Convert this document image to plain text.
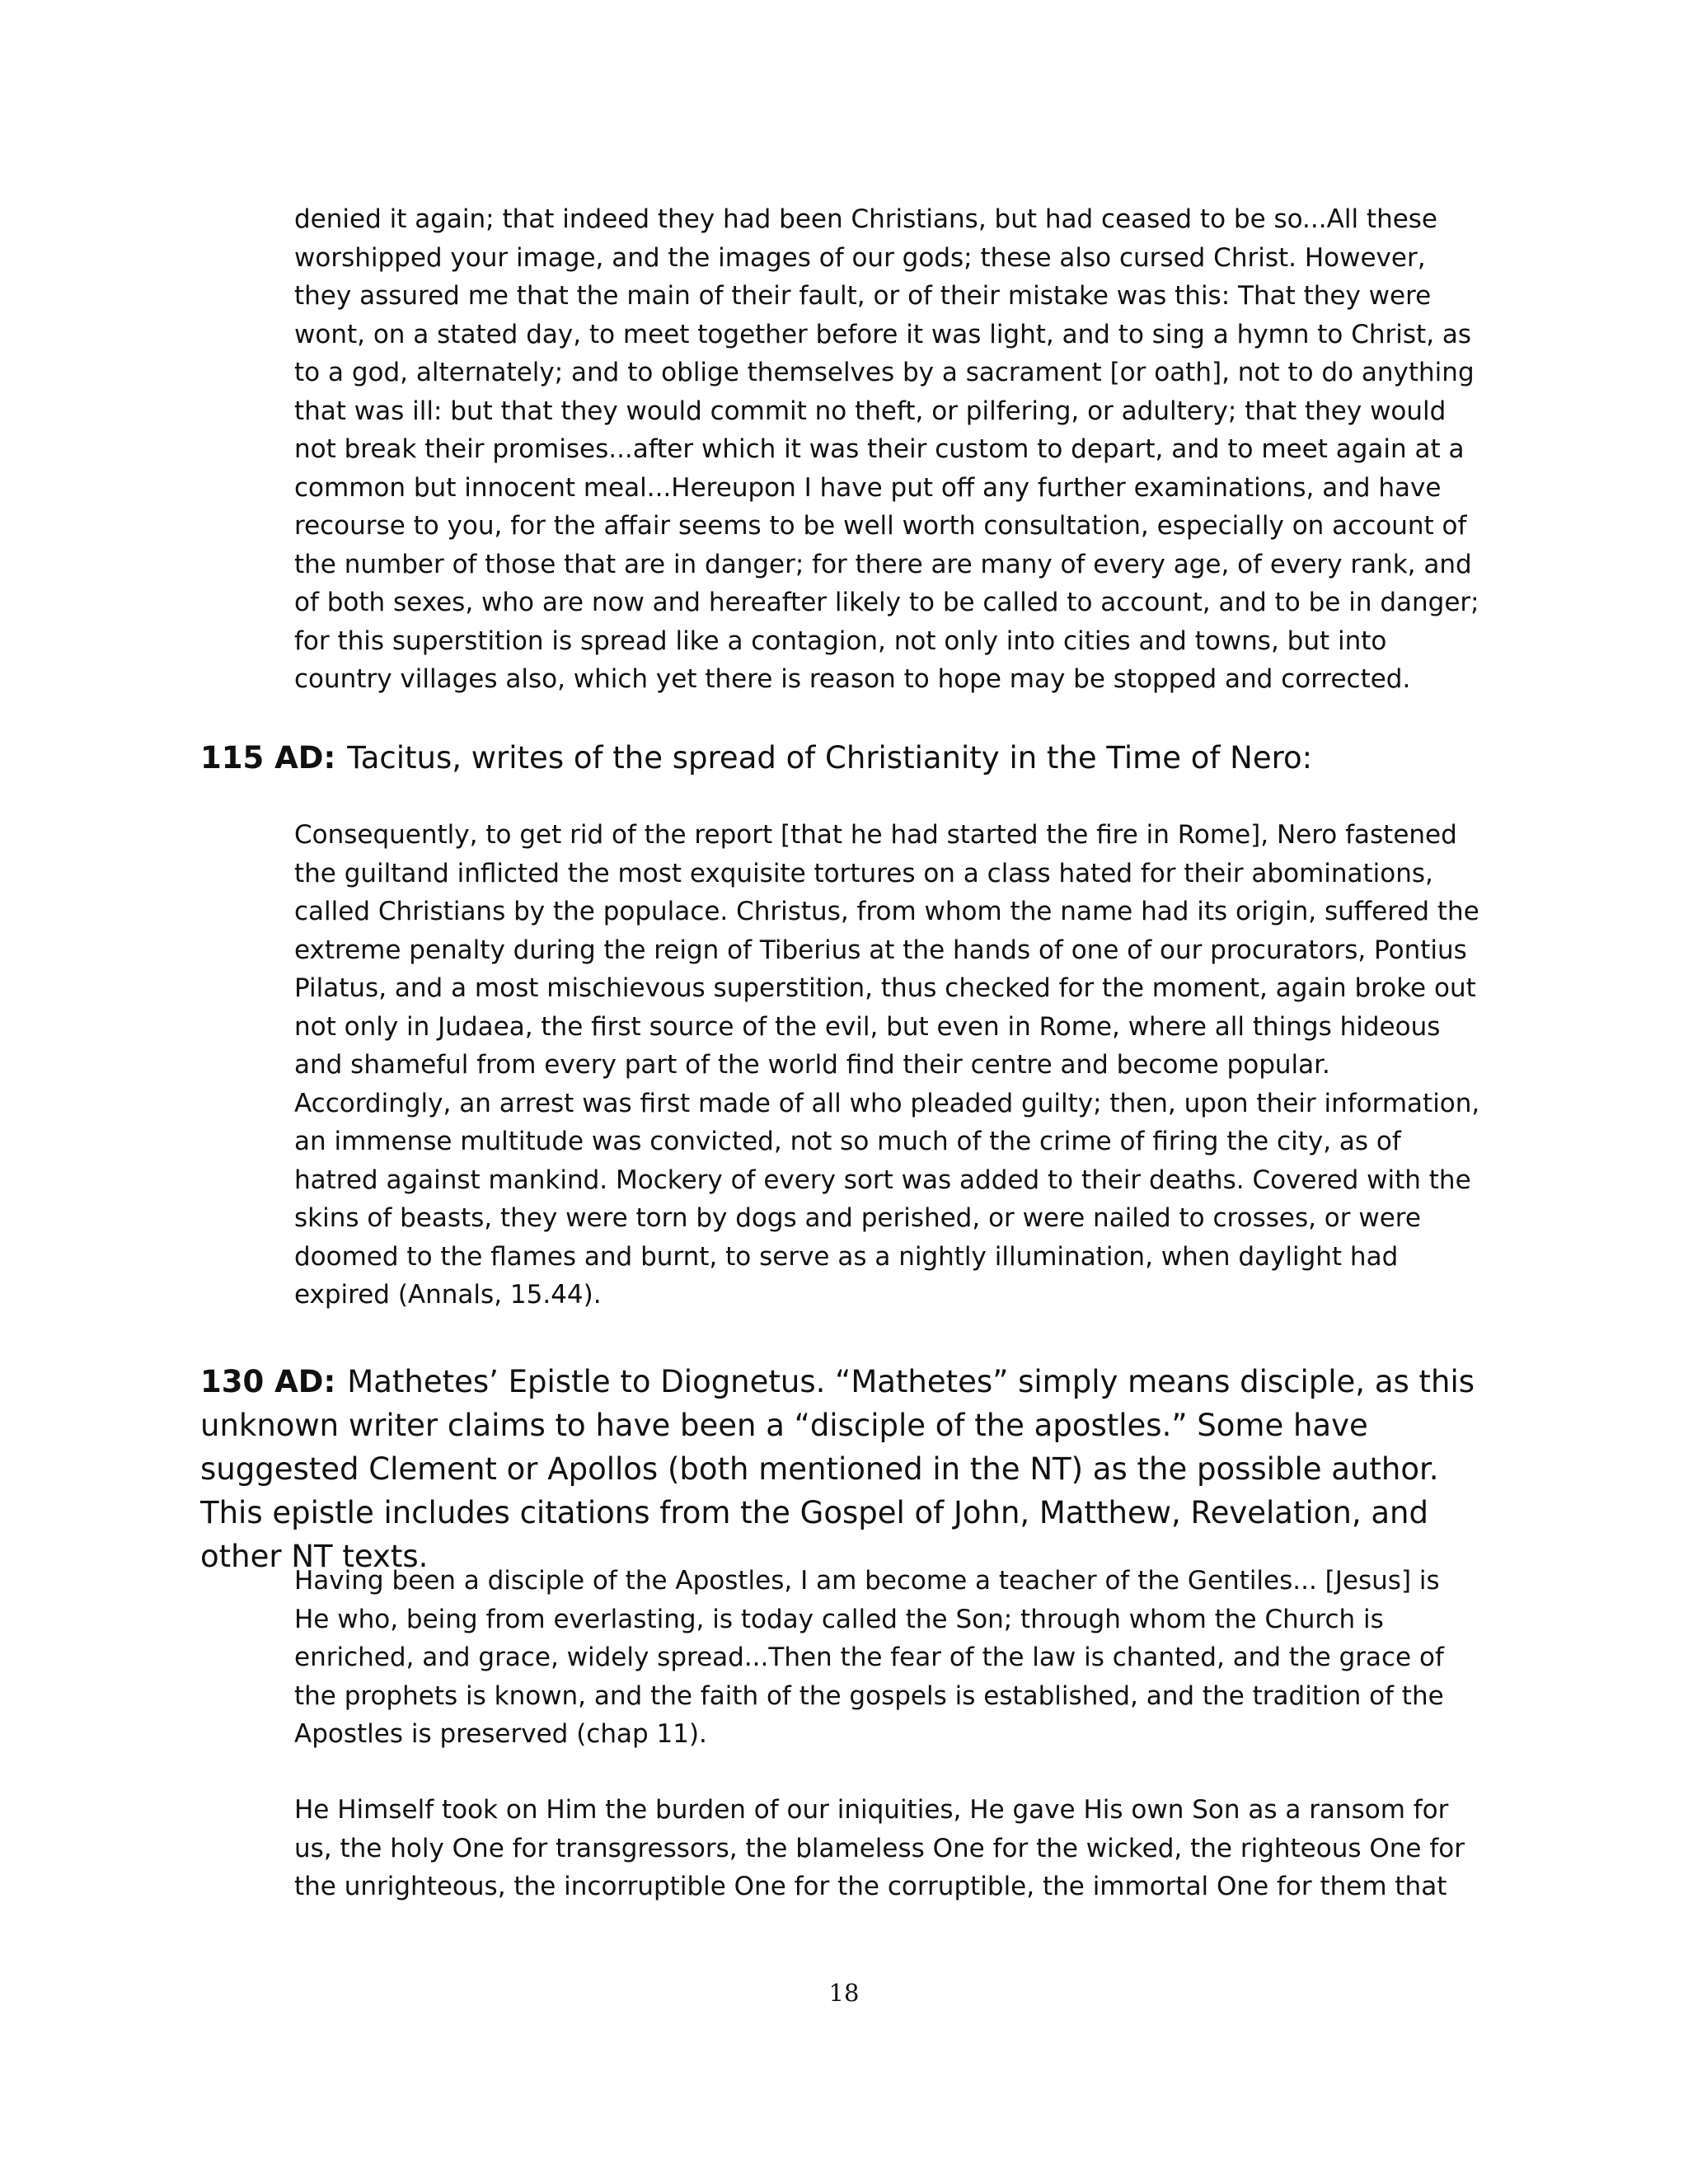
denied it again; that indeed they had been Christians, but had ceased to be so...All these worshipped your image, and the images of our gods; these also cursed Christ. However, they assured me that the main of their fault, or of their mistake was this: That they were wont, on a stated day, to meet together before it was light, and to sing a hymn to Christ, as to a god, alternately; and to oblige themselves by a sacrament [or oath], not to do anything that was ill: but that they would commit no theft, or pilfering, or adultery; that they would not break their promises...after which it was their custom to depart, and to meet again at a common but innocent meal...Hereupon I have put off any further examinations, and have recourse to you, for the affair seems to be well worth consultation, especially on account of the number of those that are in danger; for there are many of every age, of every rank, and of both sexes, who are now and hereafter likely to be called to account, and to be in danger; for this superstition is spread like a contagion, not only into cities and towns, but into country villages also, which yet there is reason to hope may be stopped and corrected.

115 AD: Tacitus, writes of the spread of Christianity in the Time of Nero:

Consequently, to get rid of the report [that he had started the fire in Rome], Nero fastened the guiltand inflicted the most exquisite tortures on a class hated for their abominations, called Christians by the populace. Christus, from whom the name had its origin, suffered the extreme penalty during the reign of Tiberius at the hands of one of our procurators, Pontius Pilatus, and a most mischievous superstition, thus checked for the moment, again broke out not only in Judaea, the first source of the evil, but even in Rome, where all things hideous and shameful from every part of the world find their centre and become popular. Accordingly, an arrest was first made of all who pleaded guilty; then, upon their information, an immense multitude was convicted, not so much of the crime of firing the city, as of hatred against mankind. Mockery of every sort was added to their deaths. Covered with the skins of beasts, they were torn by dogs and perished, or were nailed to crosses, or were doomed to the flames and burnt, to serve as a nightly illumination, when daylight had expired (Annals, 15.44).

130 AD: Mathetes’ Epistle to Diognetus. “Mathetes” simply means disciple, as this unknown writer claims to have been a “disciple of the apostles.” Some have suggested Clement or Apollos (both mentioned in the NT) as the possible author. This epistle includes citations from the Gospel of John, Matthew, Revelation, and other NT texts.

Having been a disciple of the Apostles, I am become a teacher of the Gentiles... [Jesus] is He who, being from everlasting, is today called the Son; through whom the Church is enriched, and grace, widely spread...Then the fear of the law is chanted, and the grace of the prophets is known, and the faith of the gospels is established, and the tradition of the Apostles is preserved (chap 11).

He Himself took on Him the burden of our iniquities, He gave His own Son as a ransom for us, the holy One for transgressors, the blameless One for the wicked, the righteous One for the unrighteous, the incorruptible One for the corruptible, the immortal One for them that

18
